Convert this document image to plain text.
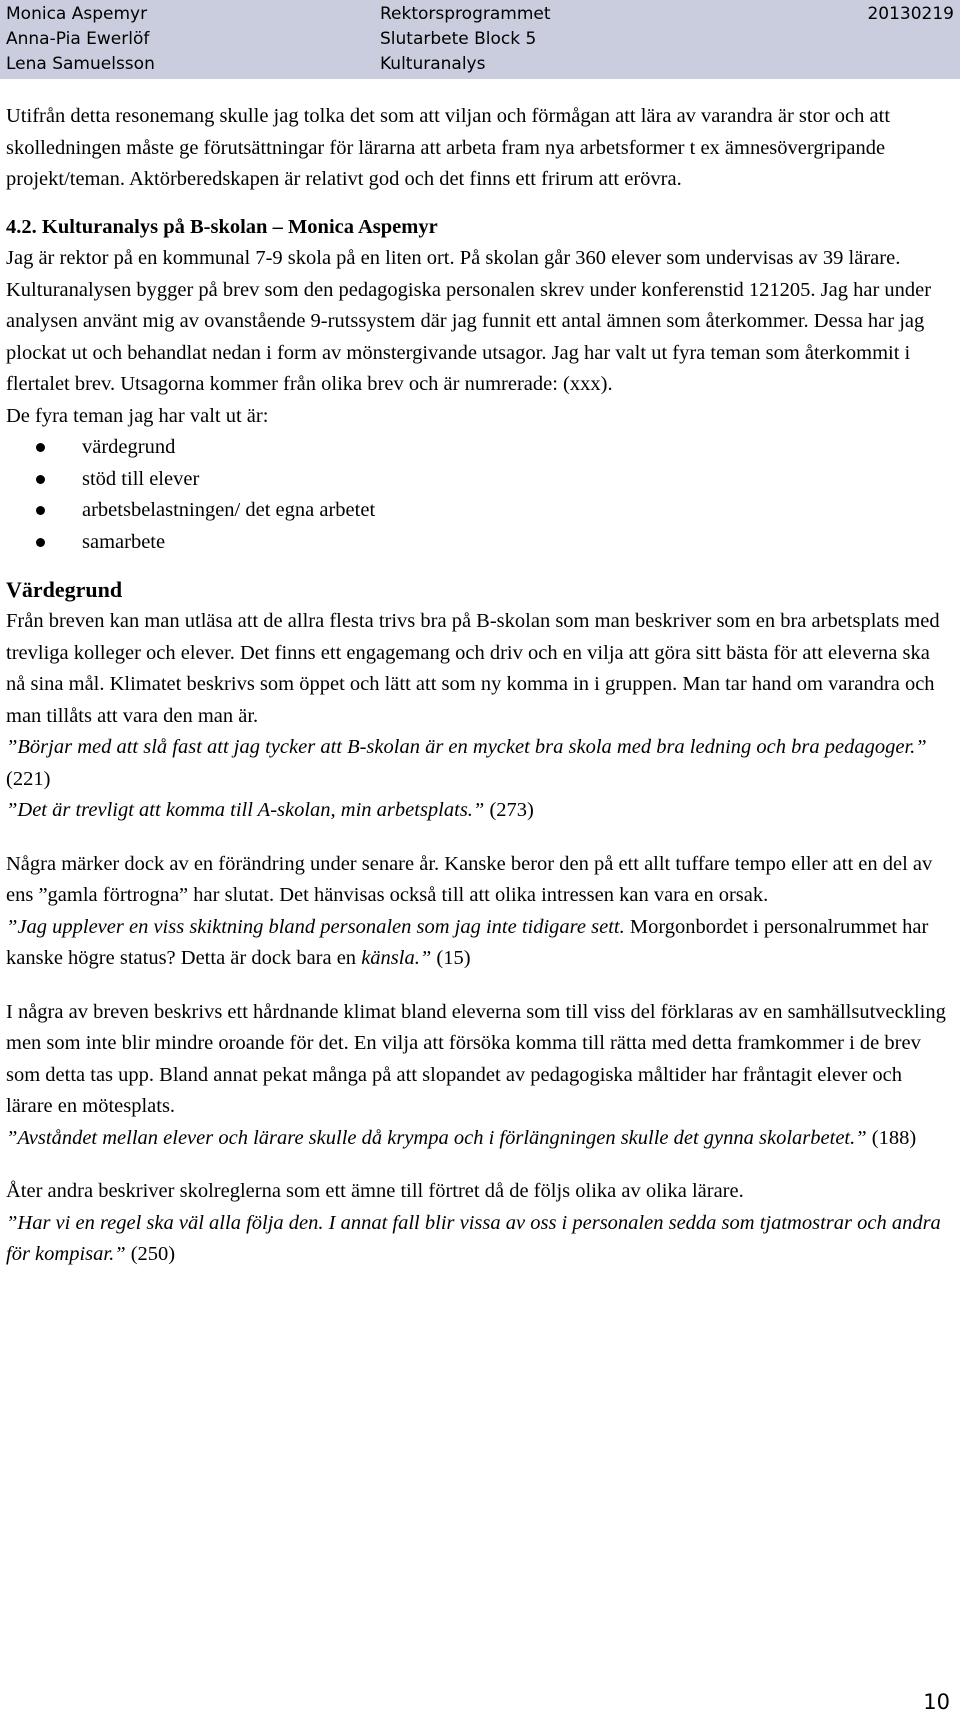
Monica Aspemyr
Anna-Pia Ewerlöf
Lena Samuelsson
Rektorsprogrammet
Slutarbete Block 5
Kulturanalys
20130219

Utifrån detta resonemang skulle jag tolka det som att viljan och förmågan att lära av varandra är stor och att skolledningen måste ge förutsättningar för lärarna att arbeta fram nya arbetsformer t ex ämnesövergripande projekt/teman. Aktörberedskapen är relativt god och det finns ett frirum att erövra.

4.2. Kulturanalys på B-skolan – Monica Aspemyr

Jag är rektor på en kommunal 7-9 skola på en liten ort. På skolan går 360 elever som undervisas av 39 lärare. Kulturanalysen bygger på brev som den pedagogiska personalen skrev under konferenstid 121205. Jag har under analysen använt mig av ovanstående 9-rutssystem där jag funnit ett antal ämnen som återkommer. Dessa har jag plockat ut och behandlat nedan i form av mönstergivande utsagor. Jag har valt ut fyra teman som återkommit i flertalet brev. Utsagorna kommer från olika brev och är numrerade: (xxx).

De fyra teman jag har valt ut är:

värdegrund
stöd till elever
arbetsbelastningen/ det egna arbetet
samarbete

Värdegrund

Från breven kan man utläsa att de allra flesta trivs bra på B-skolan som man beskriver som en bra arbetsplats med trevliga kolleger och elever. Det finns ett engagemang och driv och en vilja att göra sitt bästa för att eleverna ska nå sina mål. Klimatet beskrivs som öppet och lätt att som ny komma in i gruppen. Man tar hand om varandra och man tillåts att vara den man är.

”Börjar med att slå fast att jag tycker att B-skolan är en mycket bra skola med bra ledning och bra pedagoger.” (221)

”Det är trevligt att komma till A-skolan, min arbetsplats.” (273)

Några märker dock av en förändring under senare år. Kanske beror den på ett allt tuffare tempo eller att en del av ens ”gamla förtrogna” har slutat. Det hänvisas också till att olika intressen kan vara en orsak.

”Jag upplever en viss skiktning bland personalen som jag inte tidigare sett. Morgonbordet i personalrummet har kanske högre status? Detta är dock bara en känsla.” (15)

I några av breven beskrivs ett hårdnande klimat bland eleverna som till viss del förklaras av en samhällsutveckling men som inte blir mindre oroande för det. En vilja att försöka komma till rätta med detta framkommer i de brev som detta tas upp. Bland annat pekat många på att slopandet av pedagogiska måltider har fråntagit elever och lärare en mötesplats.

”Avståndet mellan elever och lärare skulle då krympa och i förlängningen skulle det gynna skolarbetet.” (188)

Åter andra beskriver skolreglerna som ett ämne till förtret då de följs olika av olika lärare.

”Har vi en regel ska väl alla följa den. I annat fall blir vissa av oss i personalen sedda som tjatmostrar och andra för kompisar.” (250)

10
